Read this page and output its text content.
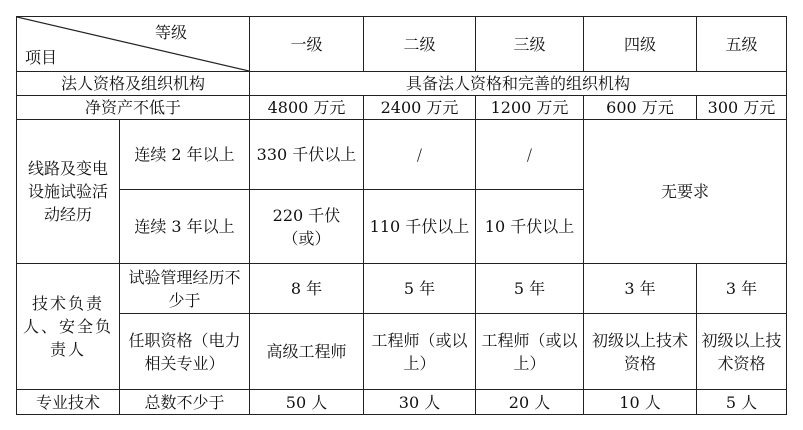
等级
项目		一级	二级	三级	四级	五级
法人资格及组织机构		具备法人资格和完善的组织机构				
净资产不低于		4800 万元	2400 万元	1200 万元	600 万元	300 万元
线路及变电设施试验活动经历	连续 2 年以上	330 千伏以上	/	/	无要求	
	连续 3 年以上	220 千伏（或）	110 千伏以上	10 千伏以上		
技术负责人、安全负责人	试验管理经历不少于	8 年	5 年	5 年	3 年	3 年
	任职资格（电力相关专业）	高级工程师	工程师（或以上）	工程师（或以上）	初级以上技术资格	初级以上技术资格
专业技术	总数不少于	50 人	30 人	20 人	10 人	5 人
